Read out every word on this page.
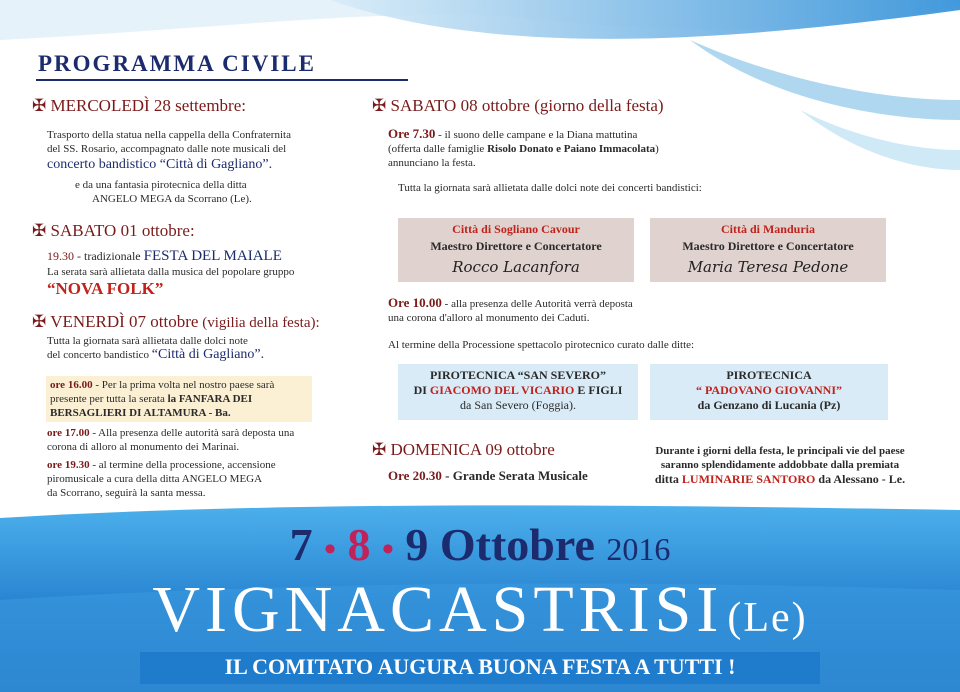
PROGRAMMA CIVILE
✠ MERCOLEDÌ 28 settembre:
Trasporto della statua nella cappella della Confraternita
del SS. Rosario, accompagnato dalle note musicali del
concerto bandistico “Città di Gagliano”.
e da una fantasia pirotecnica della ditta
ANGELO MEGA da Scorrano (Le).
✠ SABATO 01 ottobre:
19.30 - tradizionale FESTA DEL MAIALE
La serata sarà allietata dalla musica del popolare gruppo
“NOVA FOLK”
✠ VENERDÌ 07 ottobre (vigilia della festa):
Tutta la giornata sarà allietata dalle dolci note
del concerto bandistico “Città di Gagliano”.
ore 16.00 - Per la prima volta nel nostro paese sarà
presente per tutta la serata la FANFARA DEI
BERSAGLIERI DI ALTAMURA - Ba.
ore 17.00 - Alla presenza delle autorità sarà deposta una
corona di alloro al monumento dei Marinai.
ore 19.30 - al termine della processione, accensione
piromusicale a cura della ditta ANGELO MEGA
da Scorrano, seguirà la santa messa.
✠ SABATO 08 ottobre (giorno della festa)
Ore 7.30 - il suono delle campane e la Diana mattutina
(offerta dalle famiglie Risolo Donato e Paiano Immacolata)
annunciano la festa.
Tutta la giornata sarà allietata dalle dolci note dei concerti bandistici:
Città di Sogliano Cavour
Maestro Direttore e Concertatore
Rocco Lacanfora
Città di Manduria
Maestro Direttore e Concertatore
Maria Teresa Pedone
Ore 10.00 - alla presenza delle Autorità verrà deposta
una corona d'alloro al monumento dei Caduti.
Al termine della Processione spettacolo pirotecnico curato dalle ditte:
PIROTECNICA “SAN SEVERO”
DI GIACOMO DEL VICARIO E FIGLI
da San Severo (Foggia).
PIROTECNICA
“ PADOVANO GIOVANNI”
da Genzano di Lucania (Pz)
✠ DOMENICA 09 ottobre
Ore 20.30 - Grande Serata Musicale
Durante i giorni della festa, le principali vie del paese
saranno splendidamente addobbate dalla premiata
ditta LUMINARIE SANTORO da Alessano - Le.
7 • 8 • 9 Ottobre 2016
VIGNACASTRISI (Le)
IL COMITATO AUGURA BUONA FESTA A TUTTI !
